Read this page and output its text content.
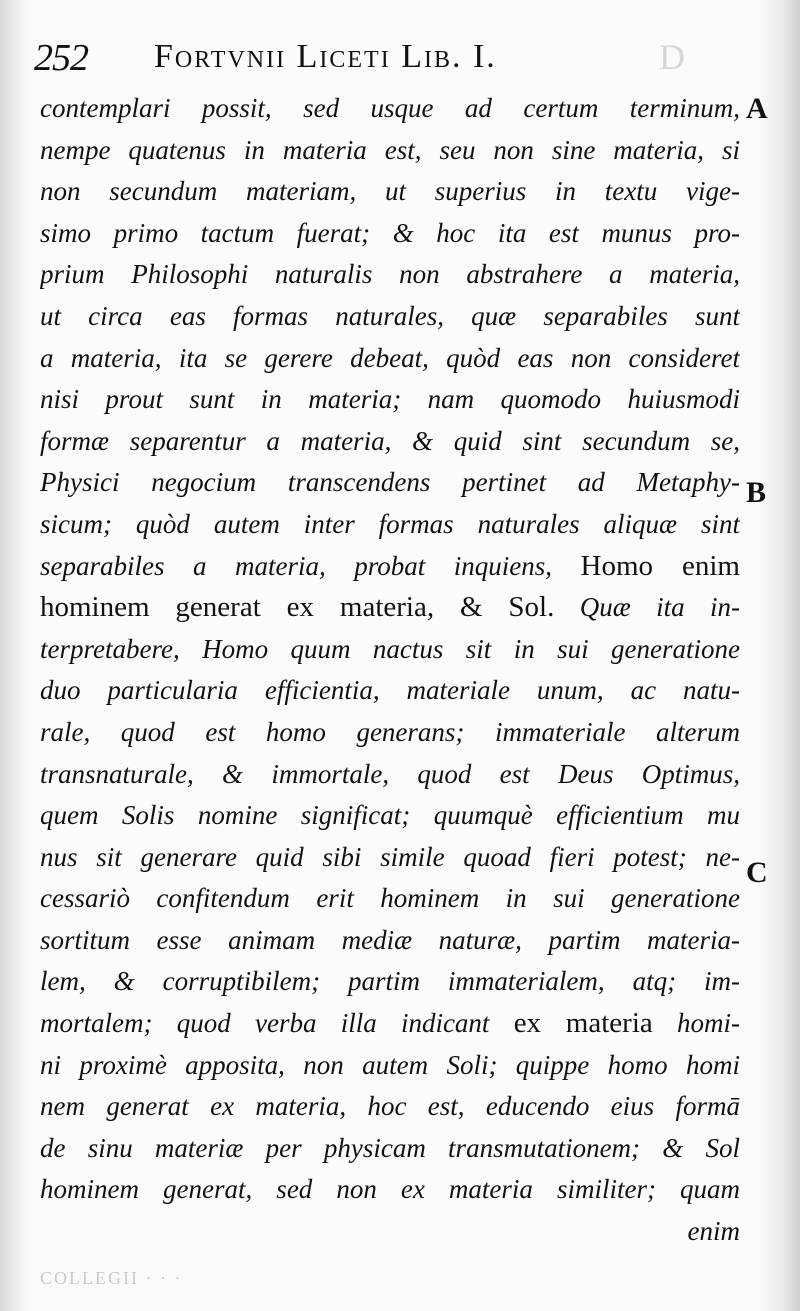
252 Fortvnii Liceti Lib. I.	D
contemplari possit, sed usque ad certum terminum,
nempe quatenus in materia est, seu non sine materia, si
non secundum materiam, ut superius in textu vige-
simo primo tactum fuerat; & hoc ita est munus pro-
prium Philosophi naturalis non abstrahere a materia,
ut circa eas formas naturales, quæ separabiles sunt
a materia, ita se gerere debeat, quòd eas non consideret
nisi prout sunt in materia; nam quomodo huiusmodi
formæ separentur a materia, & quid sint secundum se,
Physici negocium transcendens pertinet ad Metaphy-
sicum; quòd autem inter formas naturales aliquæ sint
separabiles a materia, probat inquiens, Homo enim
hominem generat ex materia, & Sol. Quæ ita in-
terpretabere, Homo quum nactus sit in sui generatione
duo particularia efficientia, materiale unum, ac natu-
rale, quod est homo generans; immateriale alterum
transnaturale, & immortale, quod est Deus Optimus,
quem Solis nomine significat; quumquè efficientium mu
nus sit generare quid sibi simile quoad fieri potest; ne-
cessariò confitendum erit hominem in sui generatione
sortitum esse animam mediæ naturæ, partim materia-
lem, & corruptibilem; partim immaterialem, atq; im-
mortalem; quod verba illa indicant ex materia homi-
ni proximè apposita, non autem Soli; quippe homo homi
nem generat ex materia, hoc est, educendo eius formā
de sinu materiæ per physicam transmutationem; & Sol
hominem generat, sed non ex materia similiter; quam
enim
A
B
C
COLLEGII · · ·
